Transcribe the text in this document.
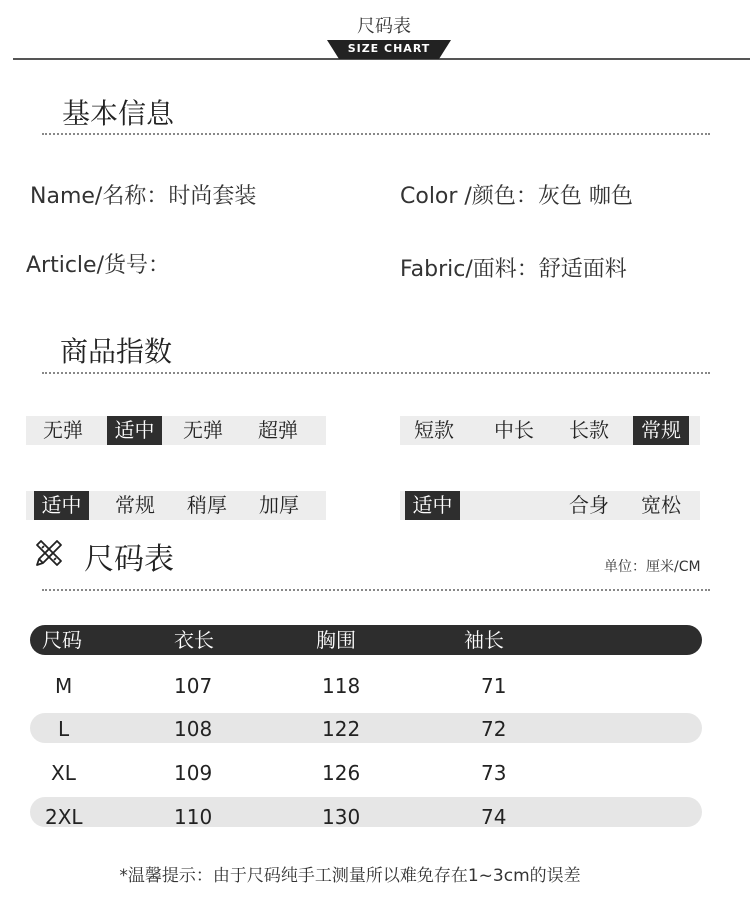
尺码表
SIZE CHART
基本信息
Name/名称：时尚套装	Color /颜色：灰色 咖色
Article/货号：	Fabric/面料：舒适面料
商品指数
无弹	适中	无弹	超弹	短款	中长	长款	常规
适中	常规	稍厚	加厚	适中	合身	宽松
尺码表	单位：厘米/CM
尺码	衣长	胸围	袖长
M	107	118	71
L	108	122	72
XL	109	126	73
2XL	110	130	74
*温馨提示：由于尺码纯手工测量所以难免存在1~3cm的误差
